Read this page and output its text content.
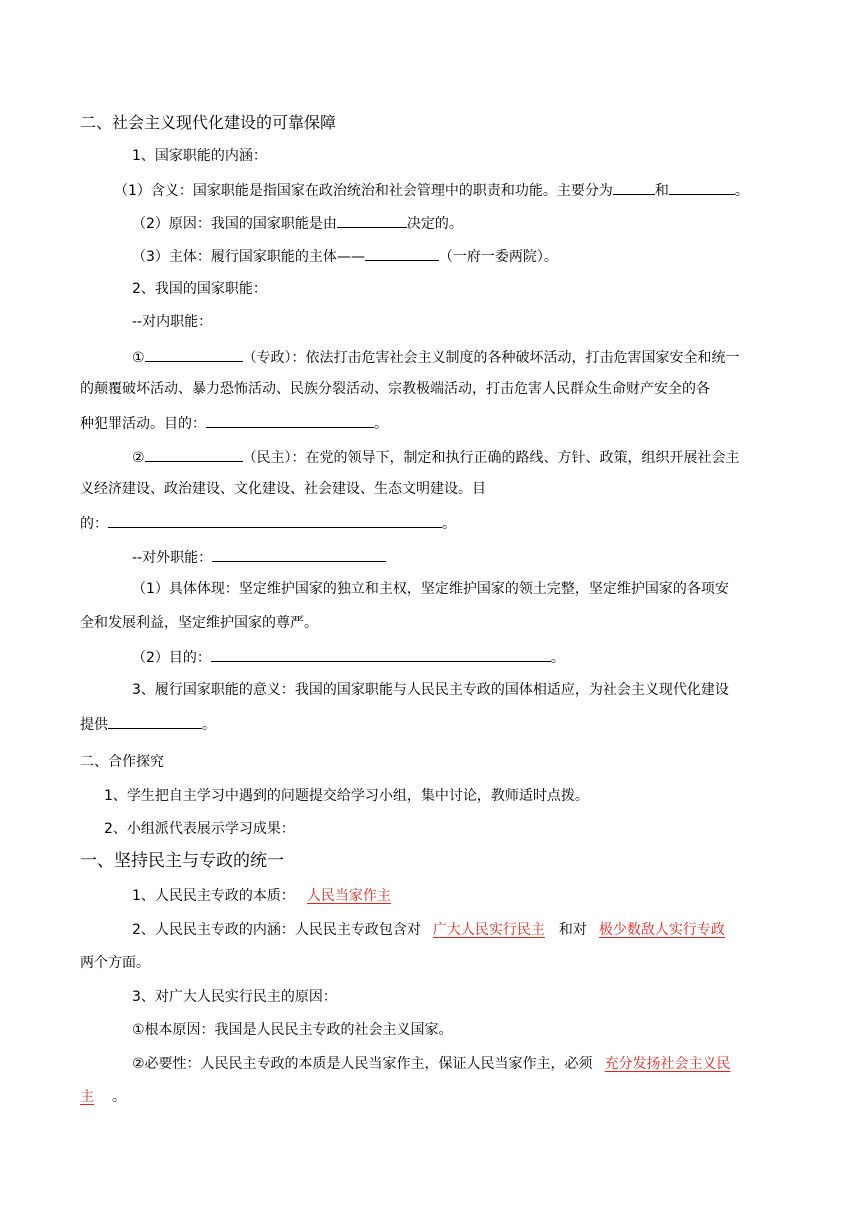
二、社会主义现代化建设的可靠保障
1、国家职能的内涵：
（1）含义：国家职能是指国家在政治统治和社会管理中的职责和功能。主要分为	和	。
（2）原因：我国的国家职能是由	决定的。
（3）主体：履行国家职能的主体——	（一府一委两院）。
2、我国的国家职能：
--对内职能：
①	（专政）：依法打击危害社会主义制度的各种破坏活动，打击危害国家安全和统一
的颠覆破坏活动、暴力恐怖活动、民族分裂活动、宗教极端活动，打击危害人民群众生命财产安全的各
种犯罪活动。目的：	。
②	（民主）：在党的领导下，制定和执行正确的路线、方针、政策，组织开展社会主
义经济建设、政治建设、文化建设、社会建设、生态文明建设。目
的：	。
--对外职能：
（1）具体体现：坚定维护国家的独立和主权，坚定维护国家的领土完整，坚定维护国家的各项安
全和发展利益，坚定维护国家的尊严。
（2）目的：	。
3、履行国家职能的意义：我国的国家职能与人民民主专政的国体相适应，为社会主义现代化建设
提供	。
二、合作探究
1、学生把自主学习中遇到的问题提交给学习小组，集中讨论，教师适时点拨。
2、小组派代表展示学习成果：
一、坚持民主与专政的统一
1、人民民主专政的本质： 人民当家作主
2、人民民主专政的内涵：人民民主专政包含对 广大人民实行民主 和对 极少数敌人实行专政
两个方面。
3、对广大人民实行民主的原因：
①根本原因：我国是人民民主专政的社会主义国家。
②必要性：人民民主专政的本质是人民当家作主，保证人民当家作主，必须 充分发扬社会主义民
主 。
